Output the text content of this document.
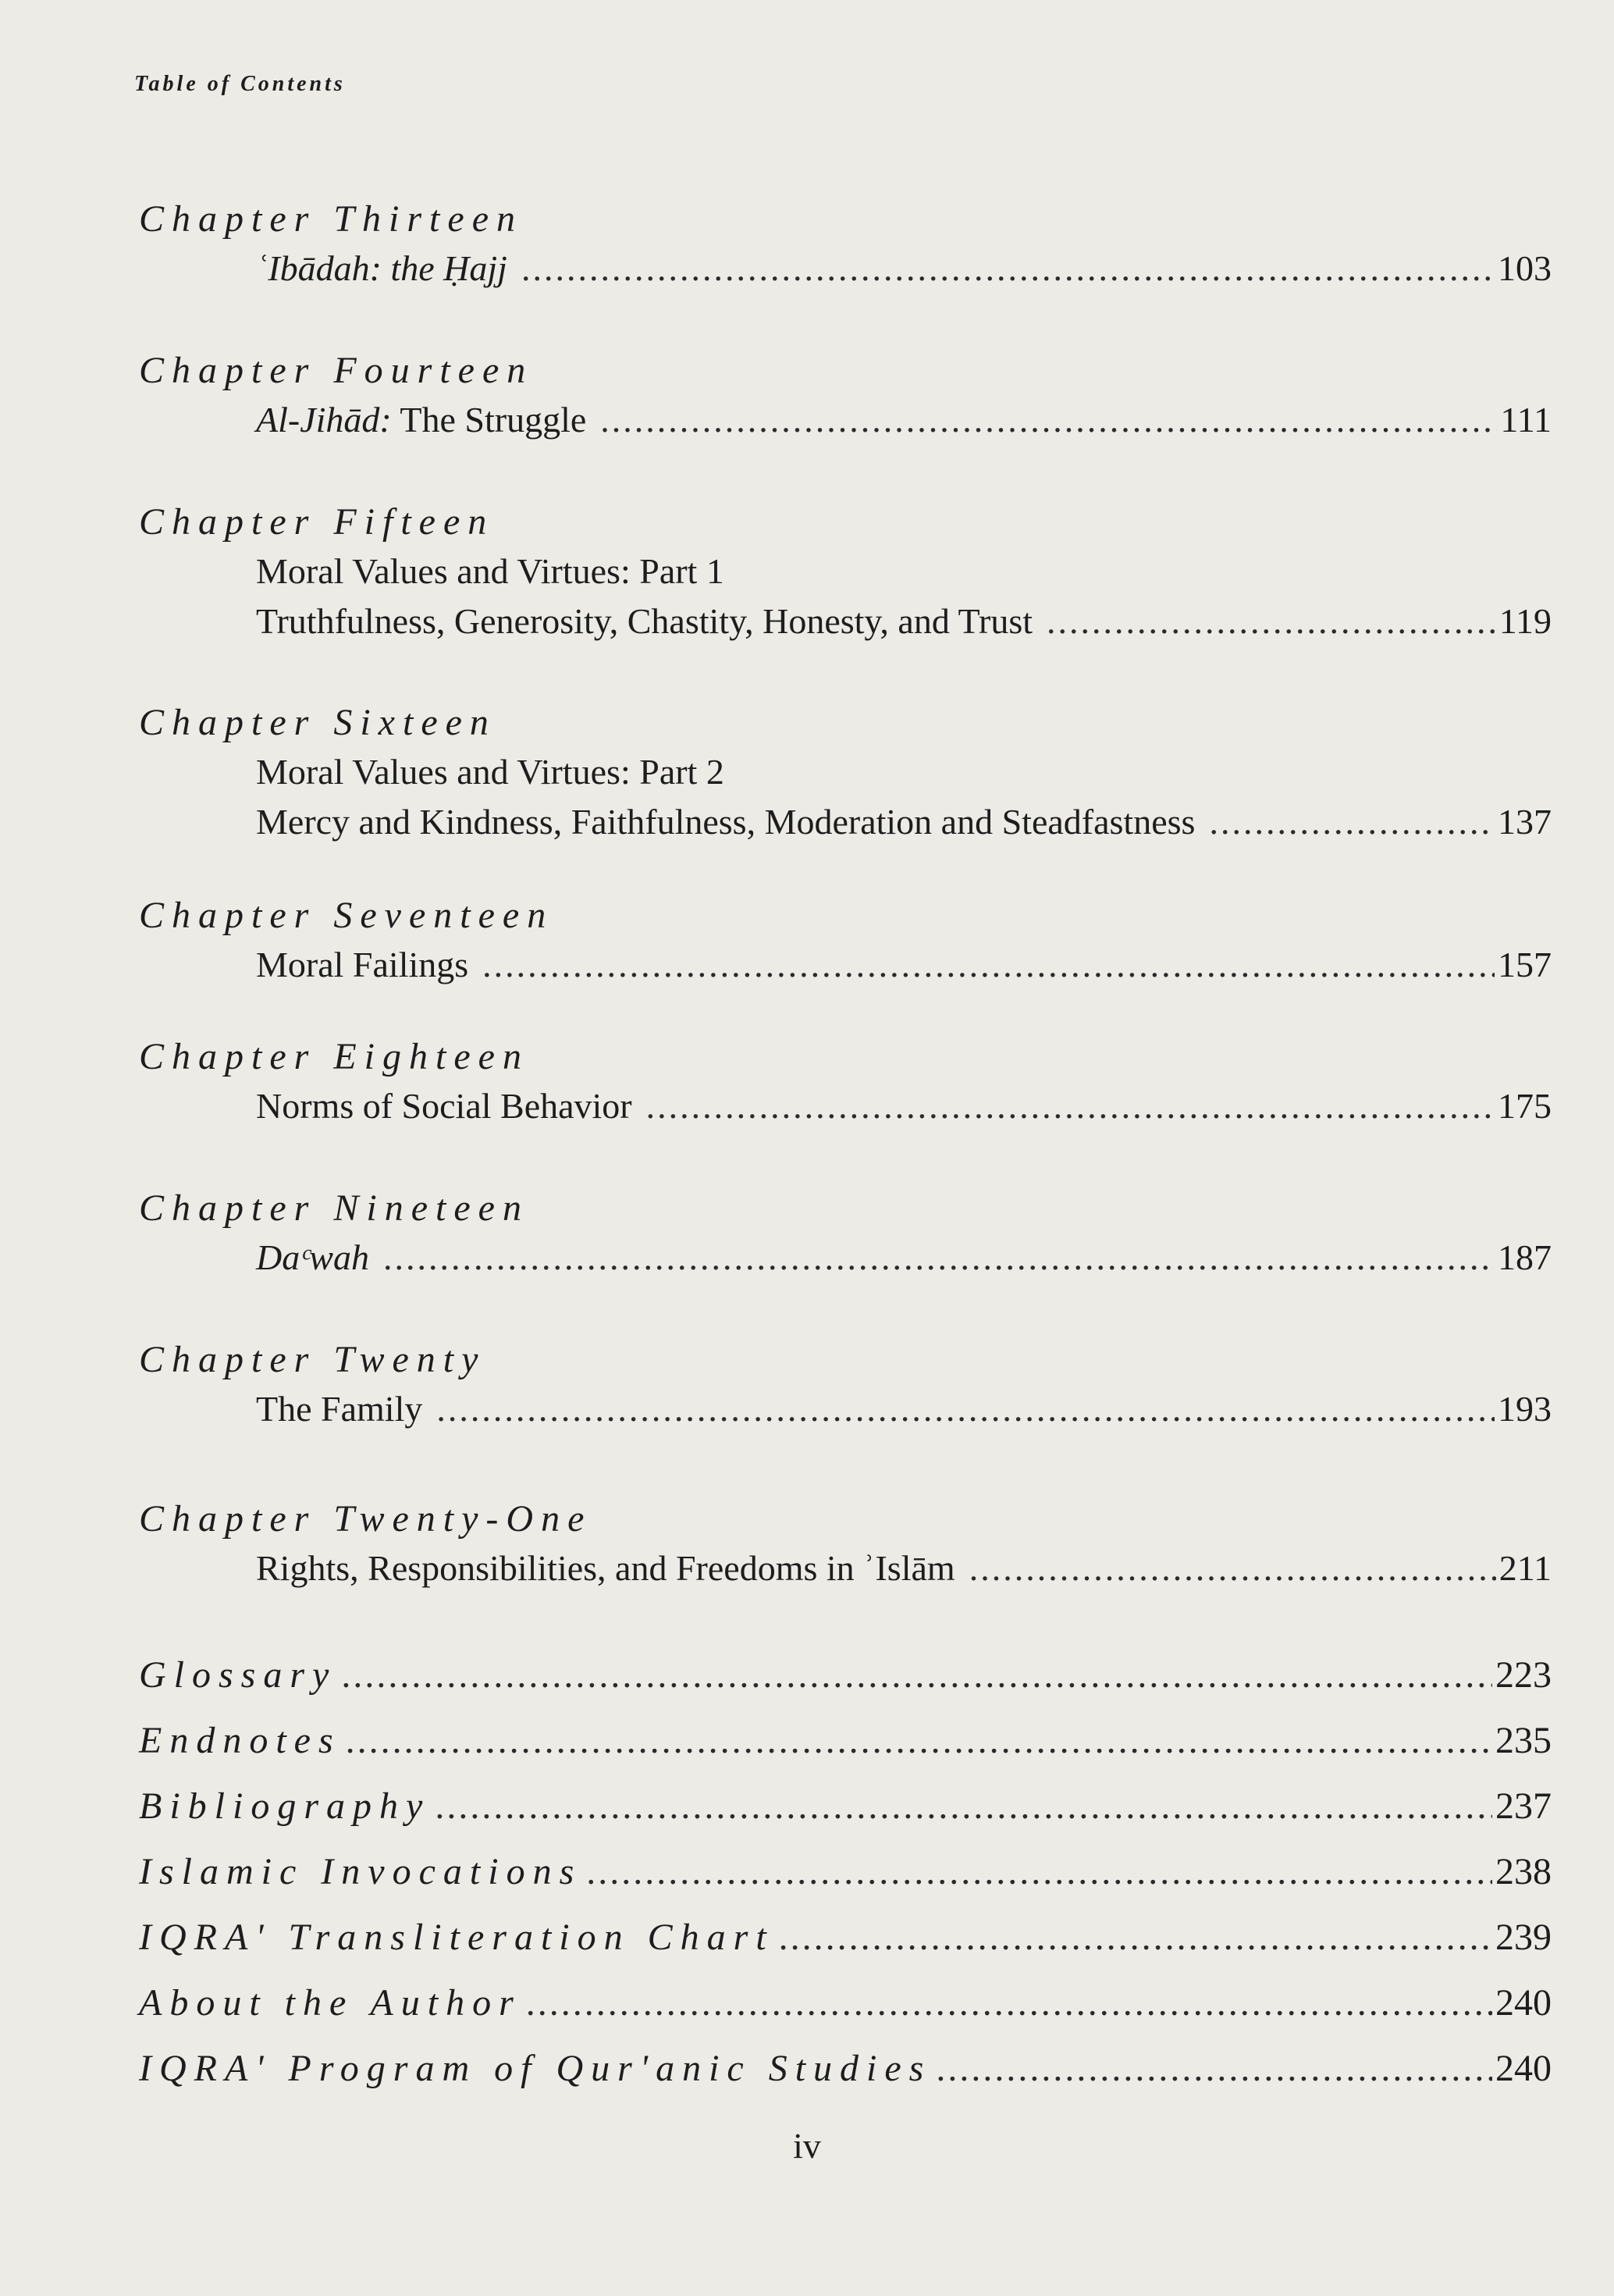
Table of Contents
Chapter Thirteen
ʿIbādah: the Ḥajj .....	103
Chapter Fourteen
Al-Jihād: The Struggle .....	111
Chapter Fifteen
Moral Values and Virtues: Part 1
Truthfulness, Generosity, Chastity, Honesty, and Trust .....	119
Chapter Sixteen
Moral Values and Virtues: Part 2
Mercy and Kindness, Faithfulness, Moderation and Steadfastness .....	137
Chapter Seventeen
Moral Failings .....	157
Chapter Eighteen
Norms of Social Behavior .....	175
Chapter Nineteen
Daᶜwah .....	187
Chapter Twenty
The Family .....	193
Chapter Twenty-One
Rights, Responsibilities, and Freedoms in ʾIslām .....	211
Glossary .....	223
Endnotes .....	235
Bibliography .....	237
Islamic Invocations .....	238
IQRA' Transliteration Chart .....	239
About the Author .....	240
IQRA' Program of Qur'anic Studies .....	240
iv
